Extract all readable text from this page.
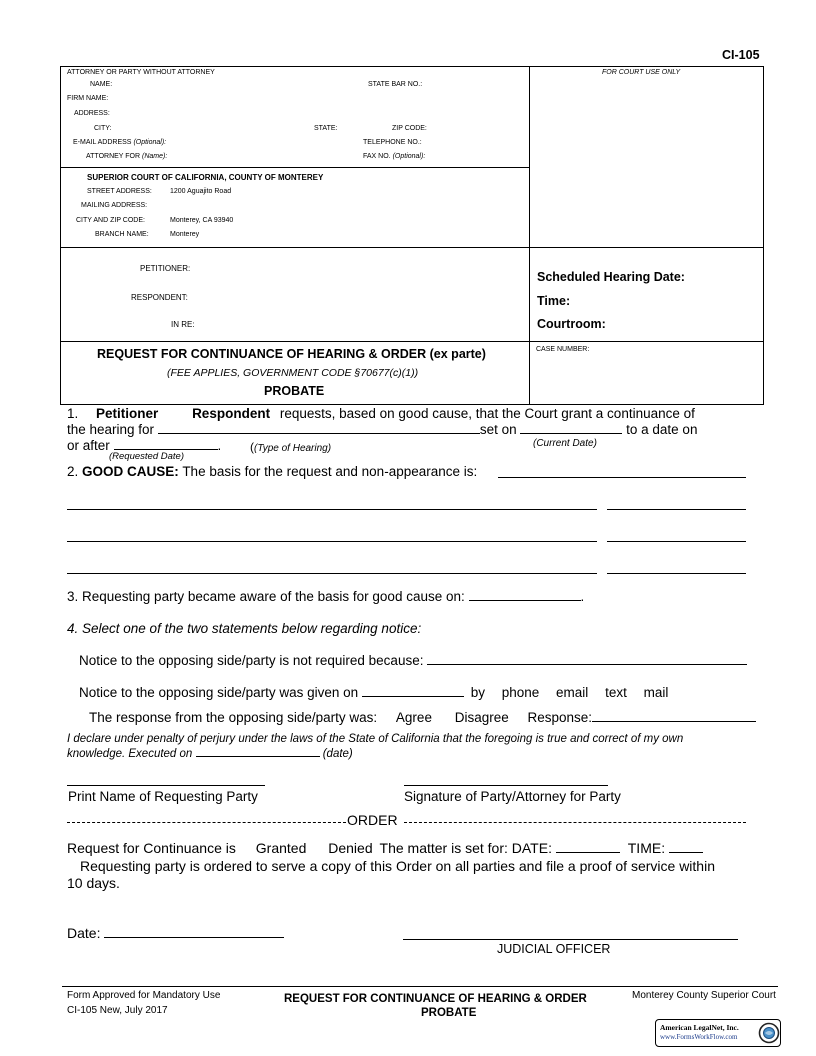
CI-105
FOR COURT USE ONLY
ATTORNEY OR PARTY WITHOUT ATTORNEY
NAME:	STATE BAR NO.:
FIRM NAME:
ADDRESS:
CITY:	STATE:	ZIP CODE:
E-MAIL ADDRESS (Optional):	TELEPHONE NO.:
ATTORNEY FOR (Name):	FAX NO. (Optional):
SUPERIOR COURT OF CALIFORNIA, COUNTY OF MONTEREY
STREET ADDRESS:	1200 Aguajito Road
MAILING ADDRESS:
CITY AND ZIP CODE:	Monterey, CA 93940
BRANCH NAME:	Monterey
PETITIONER:
RESPONDENT:
IN RE:
Scheduled Hearing Date:
Time:
Courtroom:
REQUEST FOR CONTINUANCE OF HEARING & ORDER (ex parte)
(FEE APPLIES, GOVERNMENT CODE §70677(c)(1))
PROBATE
CASE NUMBER:
1. Petitioner	Respondent requests, based on good cause, that the Court grant a continuance of
the hearing for	set on	to a date on
or after	.
(Requested Date)
((Type of Hearing)	(Current Date)
2. GOOD CAUSE: The basis for the request and non-appearance is:
3. Requesting party became aware of the basis for good cause on:	.
4. Select one of the two statements below regarding notice:
Notice to the opposing side/party is not required because:
Notice to the opposing side/party was given on	by phone email text mail
The response from the opposing side/party was: Agree Disagree Response:
I declare under penalty of perjury under the laws of the State of California that the foregoing is true and correct of my own
knowledge. Executed on	(date)
Print Name of Requesting Party	Signature of Party/Attorney for Party
ORDER
Request for Continuance is Granted Denied The matter is set for: DATE:	TIME:
Requesting party is ordered to serve a copy of this Order on all parties and file a proof of service within
10 days.
Date:
JUDICIAL OFFICER
Form Approved for Mandatory Use
CI-105 New, July 2017
REQUEST FOR CONTINUANCE OF HEARING & ORDER
PROBATE
Monterey County Superior Court
American LegalNet, Inc.
www.FormsWorkFlow.com
